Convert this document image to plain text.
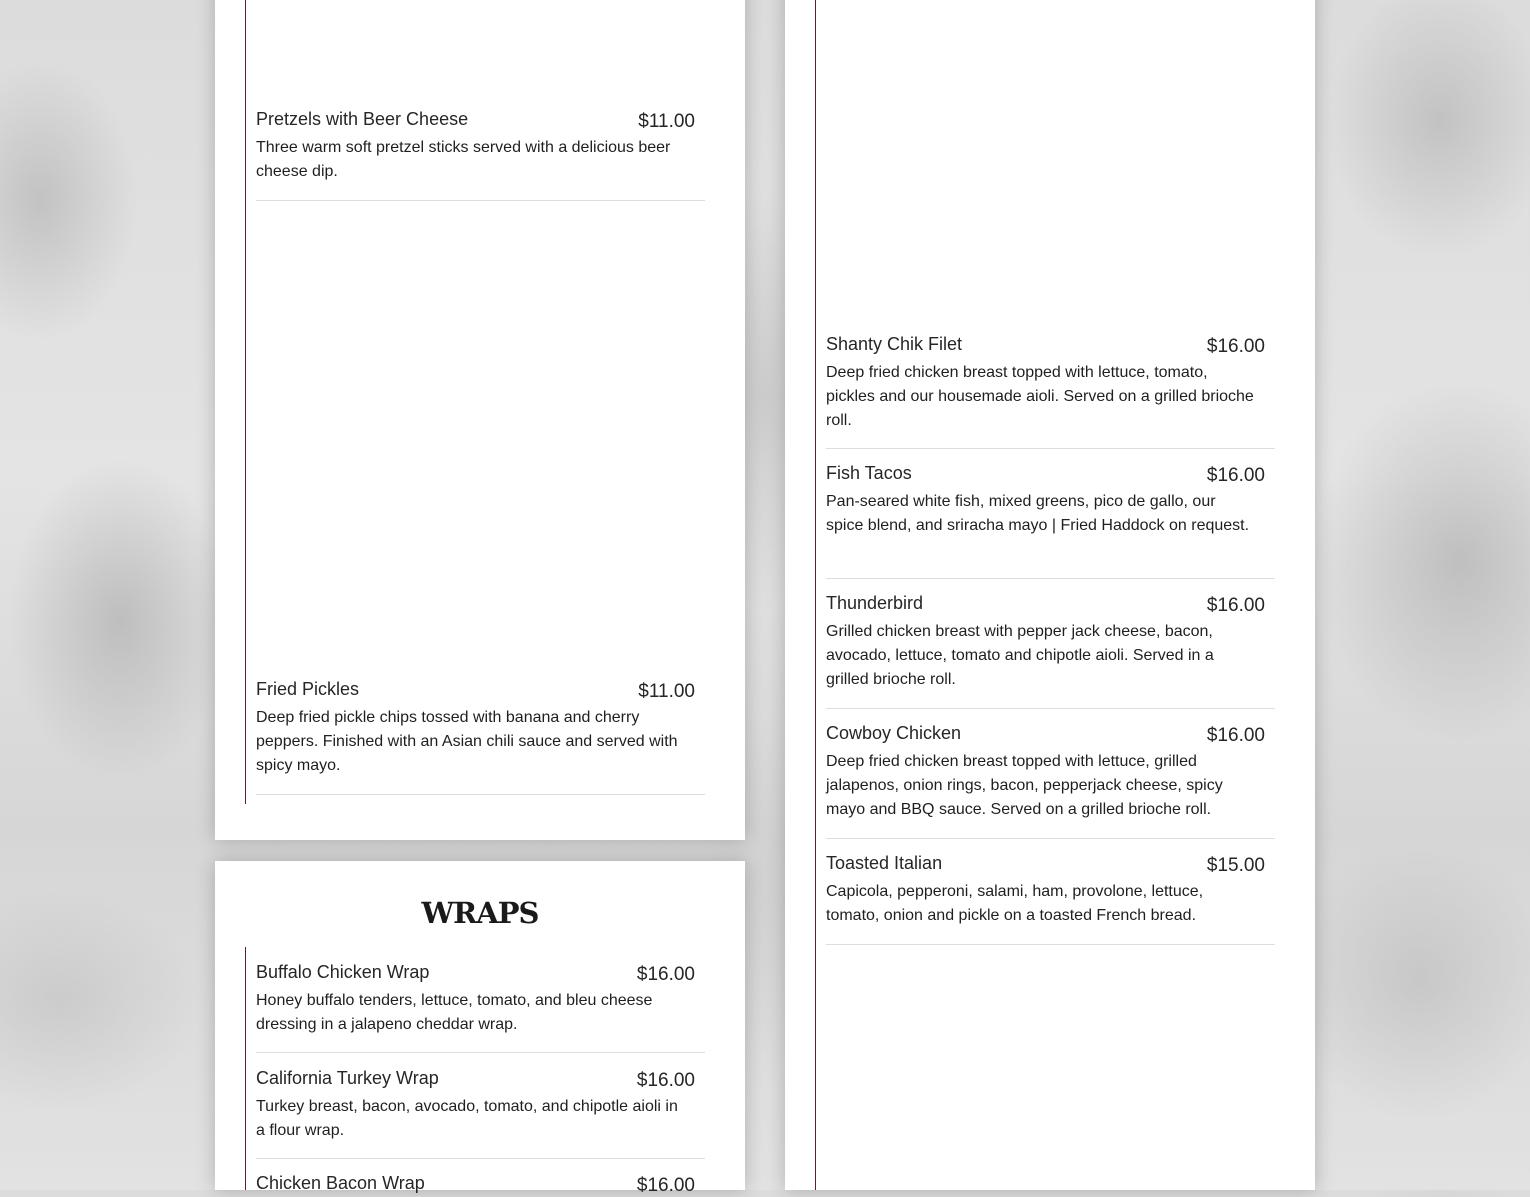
Pretzels with Beer Cheese	$11.00
Three warm soft pretzel sticks served with a delicious beer cheese dip.
Fried Pickles	$11.00
Deep fried pickle chips tossed with banana and cherry peppers. Finished with an Asian chili sauce and served with spicy mayo.
WRAPS
Buffalo Chicken Wrap	$16.00
Honey buffalo tenders, lettuce, tomato, and bleu cheese dressing in a jalapeno cheddar wrap.
California Turkey Wrap	$16.00
Turkey breast, bacon, avocado, tomato, and chipotle aioli in a flour wrap.
Chicken Bacon Wrap	$16.00
Shanty Chik Filet	$16.00
Deep fried chicken breast topped with lettuce, tomato, pickles and our housemade aioli. Served on a grilled brioche roll.
Fish Tacos	$16.00
Pan-seared white fish, mixed greens, pico de gallo, our spice blend, and sriracha mayo | Fried Haddock on request.
Thunderbird	$16.00
Grilled chicken breast with pepper jack cheese, bacon, avocado, lettuce, tomato and chipotle aioli. Served in a grilled brioche roll.
Cowboy Chicken	$16.00
Deep fried chicken breast topped with lettuce, grilled jalapenos, onion rings, bacon, pepperjack cheese, spicy mayo and BBQ sauce. Served on a grilled brioche roll.
Toasted Italian	$15.00
Capicola, pepperoni, salami, ham, provolone, lettuce, tomato, onion and pickle on a toasted French bread.
